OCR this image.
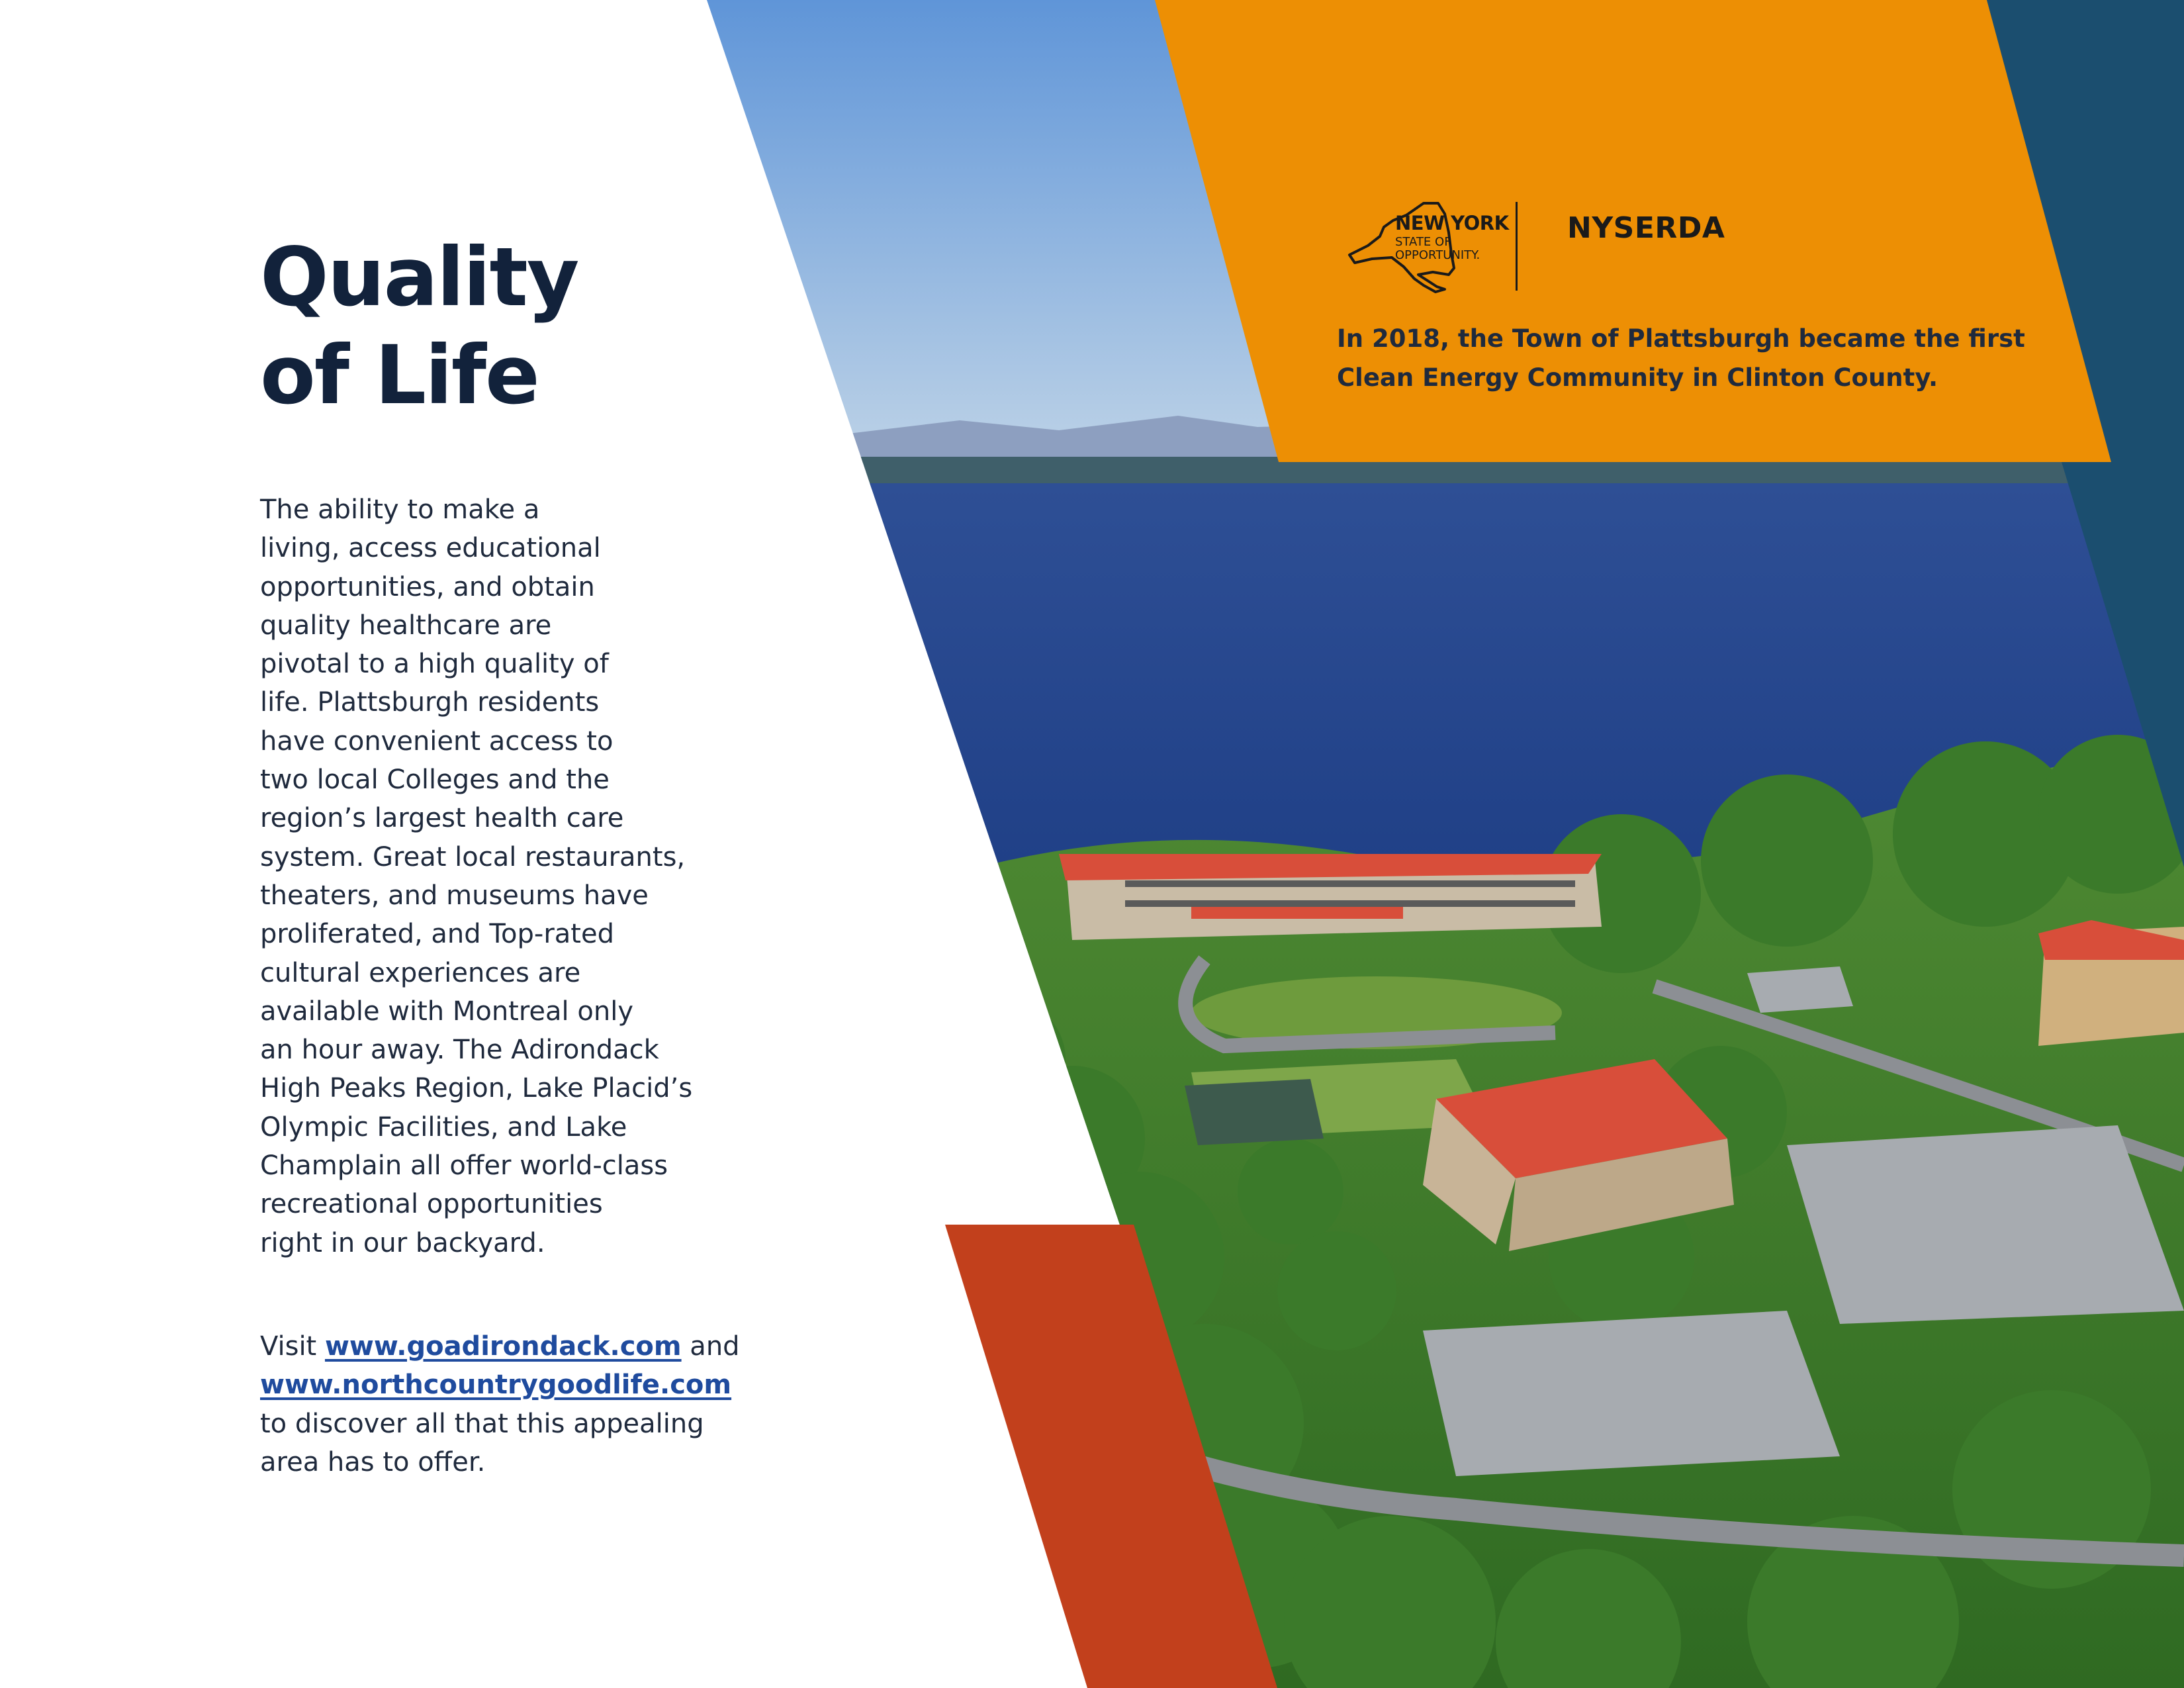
Quality
of Life

The ability to make a
living, access educational
opportunities, and obtain
quality healthcare are
pivotal to a high quality of
life. Plattsburgh residents
have convenient access to
two local Colleges and the
region’s largest health care
system. Great local restaurants,
theaters, and museums have
proliferated, and Top-rated
cultural experiences are
available with Montreal only
an hour away. The Adirondack
High Peaks Region, Lake Placid’s
Olympic Facilities, and Lake
Champlain all offer world-class
recreational opportunities
right in our backyard.

Visit www.goadirondack.com and
www.northcountrygoodlife.com
to discover all that this appealing
area has to offer.

NEW YORK
STATE OF
OPPORTUNITY.
NYSERDA

In 2018, the Town of Plattsburgh became the first
Clean Energy Community in Clinton County.
